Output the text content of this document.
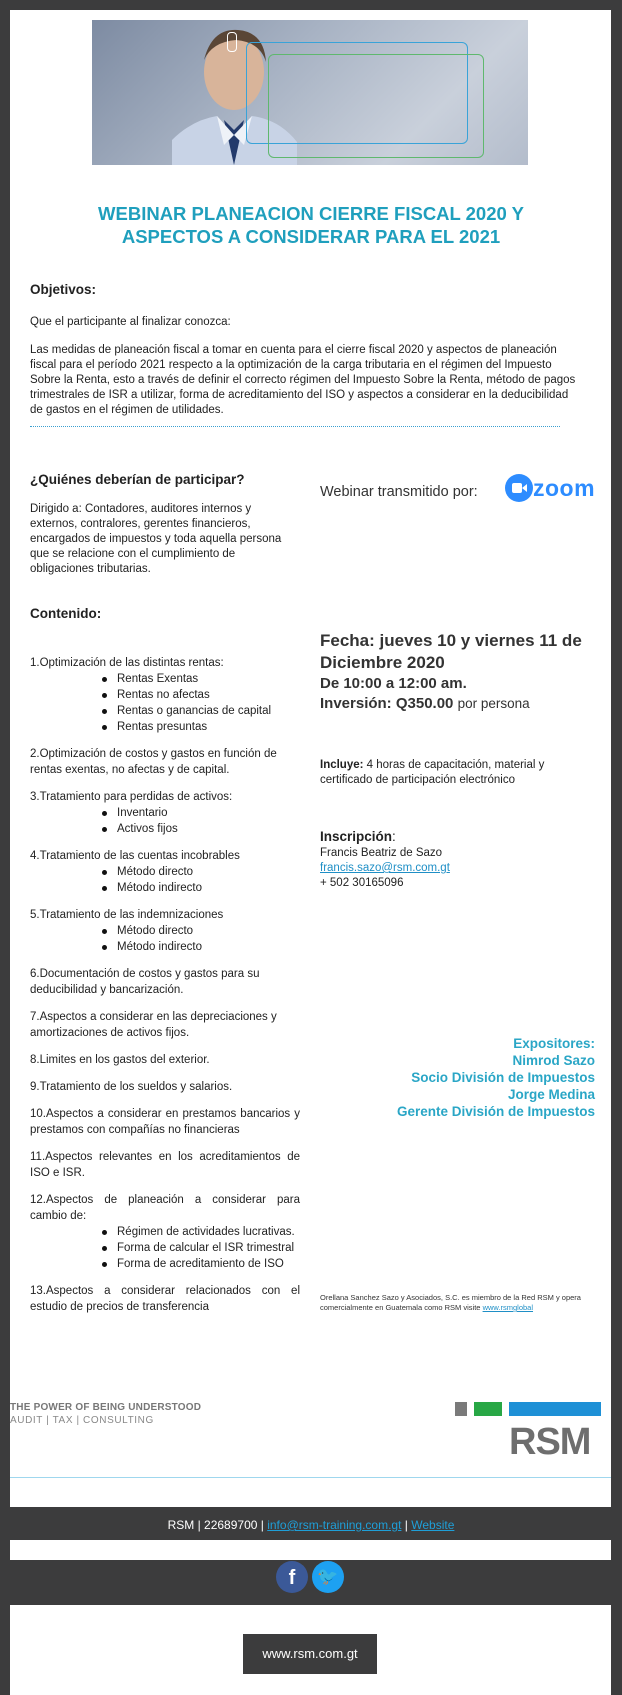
WEBINAR PLANEACION CIERRE FISCAL 2020 Y
ASPECTOS A CONSIDERAR PARA EL 2021
Objetivos:
Que el participante al finalizar conozca:
Las medidas de planeación fiscal a tomar en cuenta para el cierre fiscal 2020 y aspectos de planeación fiscal para el período 2021 respecto a la optimización de la carga tributaria en el régimen del Impuesto Sobre la Renta, esto a través de definir el correcto régimen del Impuesto Sobre la Renta, método de pagos trimestrales de ISR a utilizar, forma de acreditamiento del ISO y aspectos a considerar en la deducibilidad de gastos en el régimen de utilidades.
¿Quiénes deberían de participar?
Dirigido a: Contadores, auditores internos y externos, contralores, gerentes financieros, encargados de impuestos y toda aquella persona que se relacione con el cumplimiento de obligaciones tributarias.
Webinar transmitido por: zoom
Contenido:
1.Optimización de las distintas rentas:
Rentas Exentas
Rentas no afectas
Rentas o ganancias de capital
Rentas presuntas
2.Optimización de costos y gastos en función de rentas exentas, no afectas y de capital.
3.Tratamiento para perdidas de activos:
Inventario
Activos fijos
4.Tratamiento de las cuentas incobrables
Método directo
Método indirecto
5.Tratamiento de las indemnizaciones
Método directo
Método indirecto
6.Documentación de costos y gastos para su deducibilidad y bancarización.
7.Aspectos a considerar en las depreciaciones y amortizaciones de activos fijos.
8.Limites en los gastos del exterior.
9.Tratamiento de los sueldos y salarios.
10.Aspectos a considerar en prestamos bancarios y prestamos con compañías no financieras
11.Aspectos relevantes en los acreditamientos de ISO e ISR.
12.Aspectos de planeación a considerar para cambio de:
Régimen de actividades lucrativas.
Forma de calcular el ISR trimestral
Forma de acreditamiento de ISO
13.Aspectos a considerar relacionados con el estudio de precios de transferencia
Fecha: jueves 10 y viernes 11 de Diciembre 2020
De 10:00 a 12:00 am.
Inversión: Q350.00 por persona
Incluye: 4 horas de capacitación, material y certificado de participación electrónico
Inscripción:
Francis Beatriz de Sazo
francis.sazo@rsm.com.gt
+ 502 30165096
Expositores:
Nimrod Sazo
Socio División de Impuestos
Jorge Medina
Gerente División de Impuestos
Orellana Sanchez Sazo y Asociados, S.C. es miembro de la Red RSM y opera comercialmente en Guatemala como RSM visite www.rsmglobal
THE POWER OF BEING UNDERSTOOD
AUDIT | TAX | CONSULTING
RSM
RSM | 22689700 | info@rsm-training.com.gt | Website
f	🐦
www.rsm.com.gt
